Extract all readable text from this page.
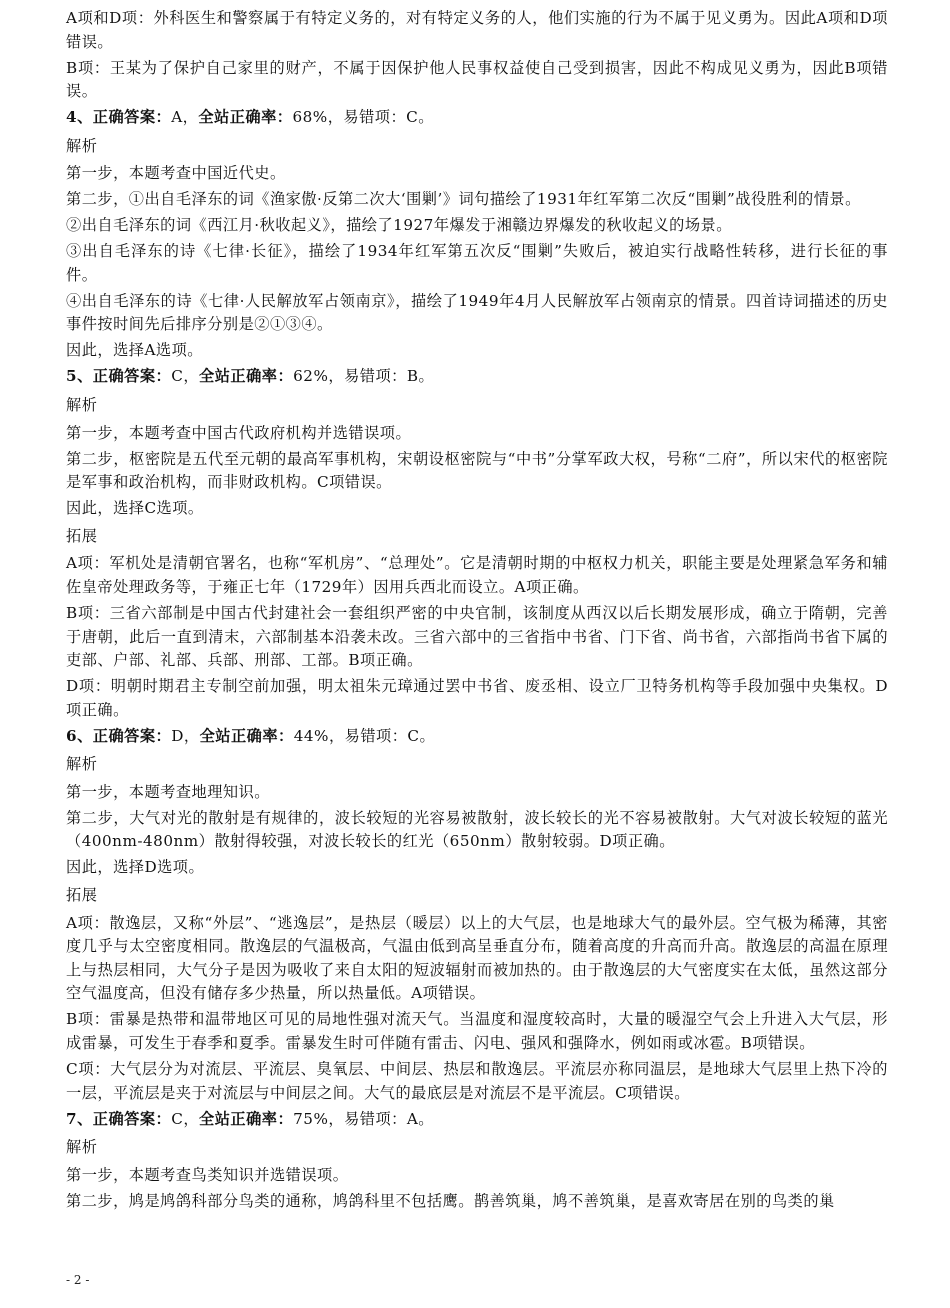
A项和D项：外科医生和警察属于有特定义务的，对有特定义务的人，他们实施的行为不属于见义勇为。因此A项和D项错误。
B项：王某为了保护自己家里的财产，不属于因保护他人民事权益使自己受到损害，因此不构成见义勇为，因此B项错误。
4、正确答案：A，全站正确率：68%，易错项：C。
解析
第一步，本题考查中国近代史。
第二步，①出自毛泽东的词《渔家傲·反第二次大‘围剿’》词句描绘了1931年红军第二次反“围剿”战役胜利的情景。
②出自毛泽东的词《西江月·秋收起义》，描绘了1927年爆发于湘赣边界爆发的秋收起义的场景。
③出自毛泽东的诗《七律·长征》，描绘了1934年红军第五次反“围剿”失败后，被迫实行战略性转移，进行长征的事件。
④出自毛泽东的诗《七律·人民解放军占领南京》，描绘了1949年4月人民解放军占领南京的情景。四首诗词描述的历史事件按时间先后排序分别是②①③④。
因此，选择A选项。
5、正确答案：C，全站正确率：62%，易错项：B。
解析
第一步，本题考查中国古代政府机构并选错误项。
第二步，枢密院是五代至元朝的最高军事机构，宋朝设枢密院与“中书”分掌军政大权，号称“二府”，所以宋代的枢密院是军事和政治机构，而非财政机构。C项错误。
因此，选择C选项。
拓展
A项：军机处是清朝官署名，也称“军机房”、“总理处”。它是清朝时期的中枢权力机关，职能主要是处理紧急军务和辅佐皇帝处理政务等，于雍正七年（1729年）因用兵西北而设立。A项正确。
B项：三省六部制是中国古代封建社会一套组织严密的中央官制，该制度从西汉以后长期发展形成，确立于隋朝，完善于唐朝，此后一直到清末，六部制基本沿袭未改。三省六部中的三省指中书省、门下省、尚书省，六部指尚书省下属的吏部、户部、礼部、兵部、刑部、工部。B项正确。
D项：明朝时期君主专制空前加强，明太祖朱元璋通过罢中书省、废丞相、设立厂卫特务机构等手段加强中央集权。D项正确。
6、正确答案：D，全站正确率：44%，易错项：C。
解析
第一步，本题考查地理知识。
第二步，大气对光的散射是有规律的，波长较短的光容易被散射，波长较长的光不容易被散射。大气对波长较短的蓝光（400nm-480nm）散射得较强，对波长较长的红光（650nm）散射较弱。D项正确。
因此，选择D选项。
拓展
A项：散逸层，又称“外层”、“逃逸层”，是热层（暖层）以上的大气层，也是地球大气的最外层。空气极为稀薄，其密度几乎与太空密度相同。散逸层的气温极高，气温由低到高呈垂直分布，随着高度的升高而升高。散逸层的高温在原理上与热层相同，大气分子是因为吸收了来自太阳的短波辐射而被加热的。由于散逸层的大气密度实在太低，虽然这部分空气温度高，但没有储存多少热量，所以热量低。A项错误。
B项：雷暴是热带和温带地区可见的局地性强对流天气。当温度和湿度较高时，大量的暖湿空气会上升进入大气层，形成雷暴，可发生于春季和夏季。雷暴发生时可伴随有雷击、闪电、强风和强降水，例如雨或冰雹。B项错误。
C项：大气层分为对流层、平流层、臭氧层、中间层、热层和散逸层。平流层亦称同温层，是地球大气层里上热下冷的一层，平流层是夹于对流层与中间层之间。大气的最底层是对流层不是平流层。C项错误。
7、正确答案：C，全站正确率：75%，易错项：A。
解析
第一步，本题考查鸟类知识并选错误项。
第二步，鸠是鸠鸽科部分鸟类的通称，鸠鸽科里不包括鹰。鹊善筑巢，鸠不善筑巢，是喜欢寄居在别的鸟类的巢
- 2 -
